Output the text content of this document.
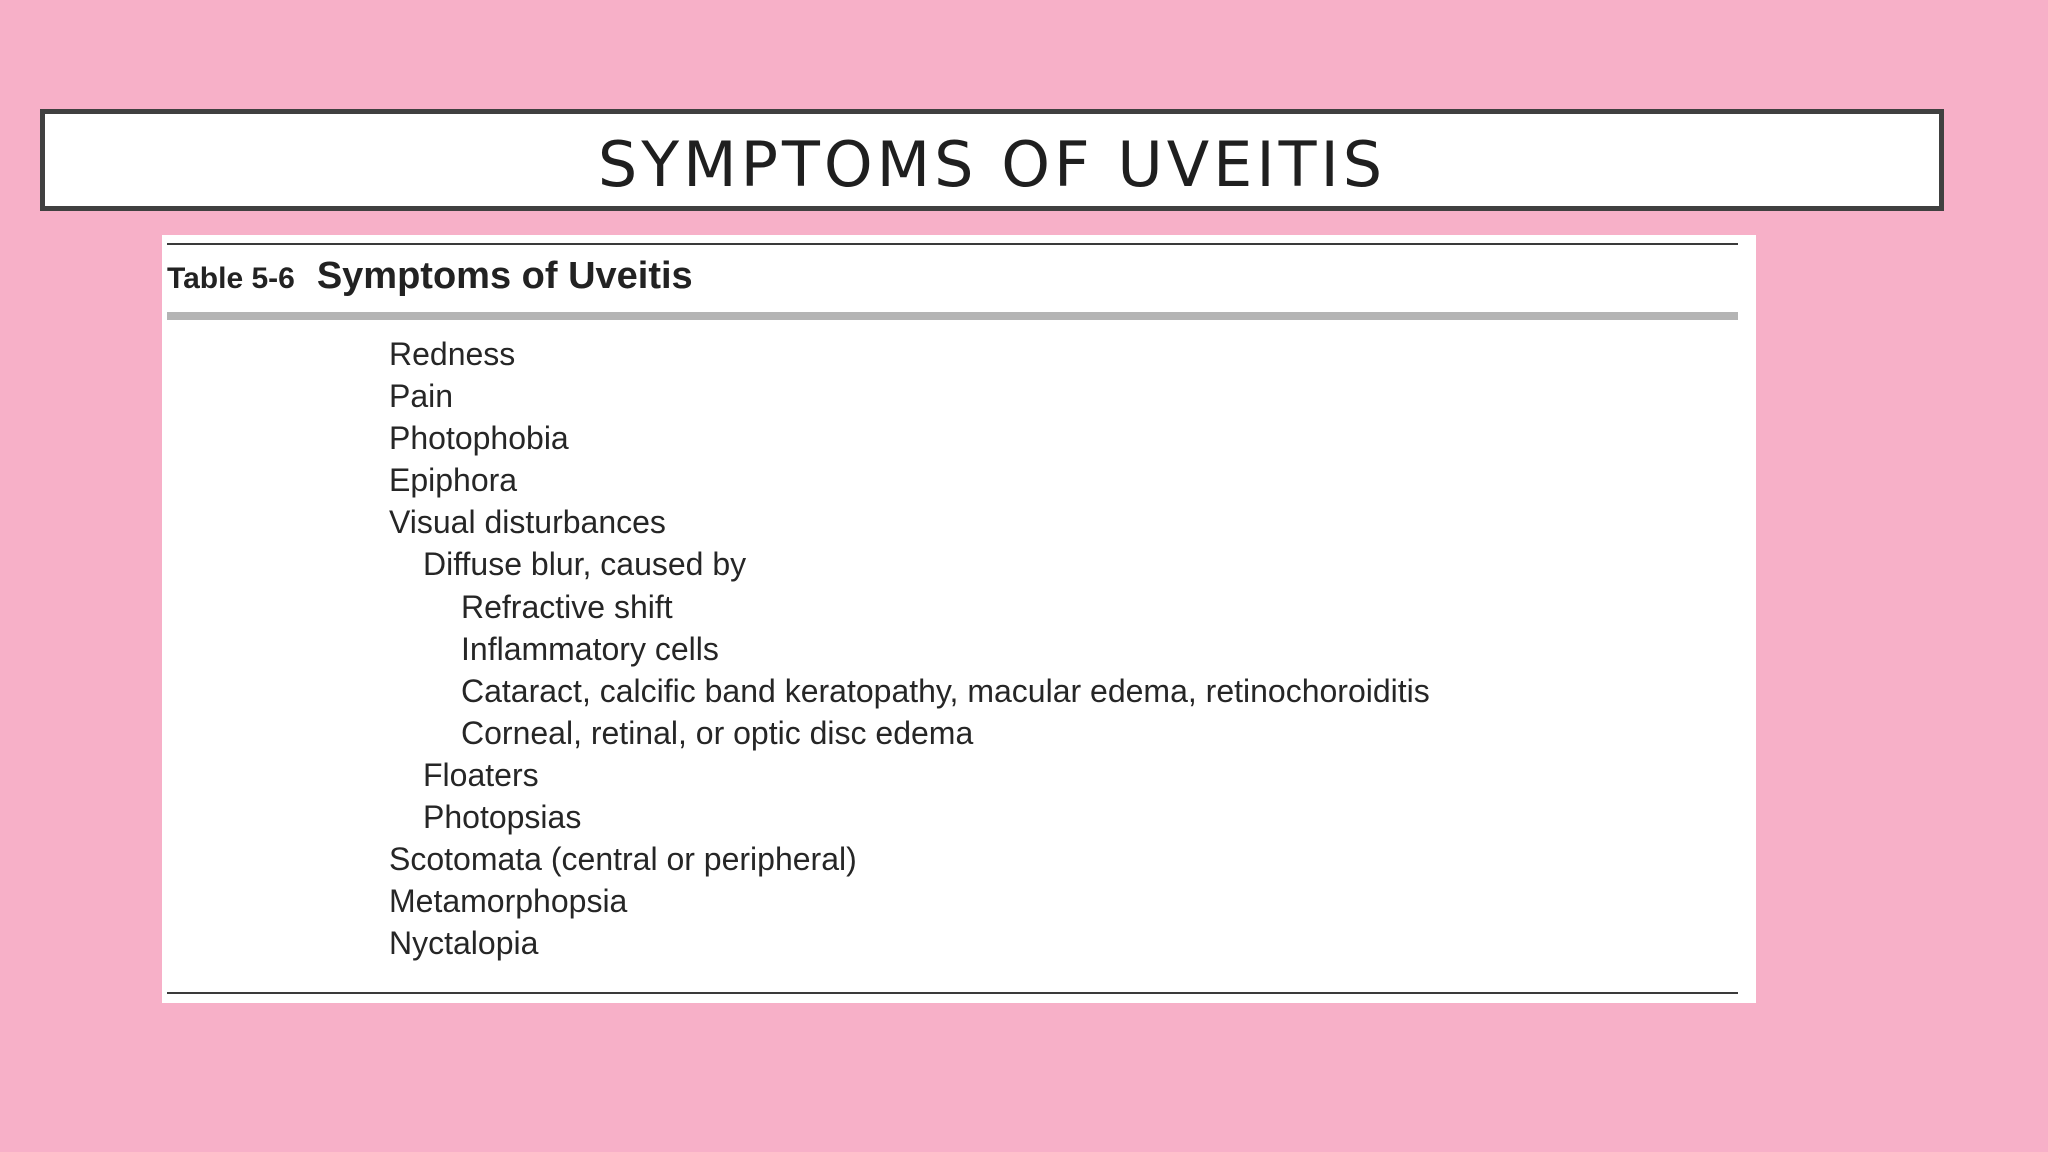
SYMPTOMS OF UVEITIS
Table 5-6 Symptoms of Uveitis
Redness
Pain
Photophobia
Epiphora
Visual disturbances
Diffuse blur, caused by
Refractive shift
Inflammatory cells
Cataract, calcific band keratopathy, macular edema, retinochoroiditis
Corneal, retinal, or optic disc edema
Floaters
Photopsias
Scotomata (central or peripheral)
Metamorphopsia
Nyctalopia
